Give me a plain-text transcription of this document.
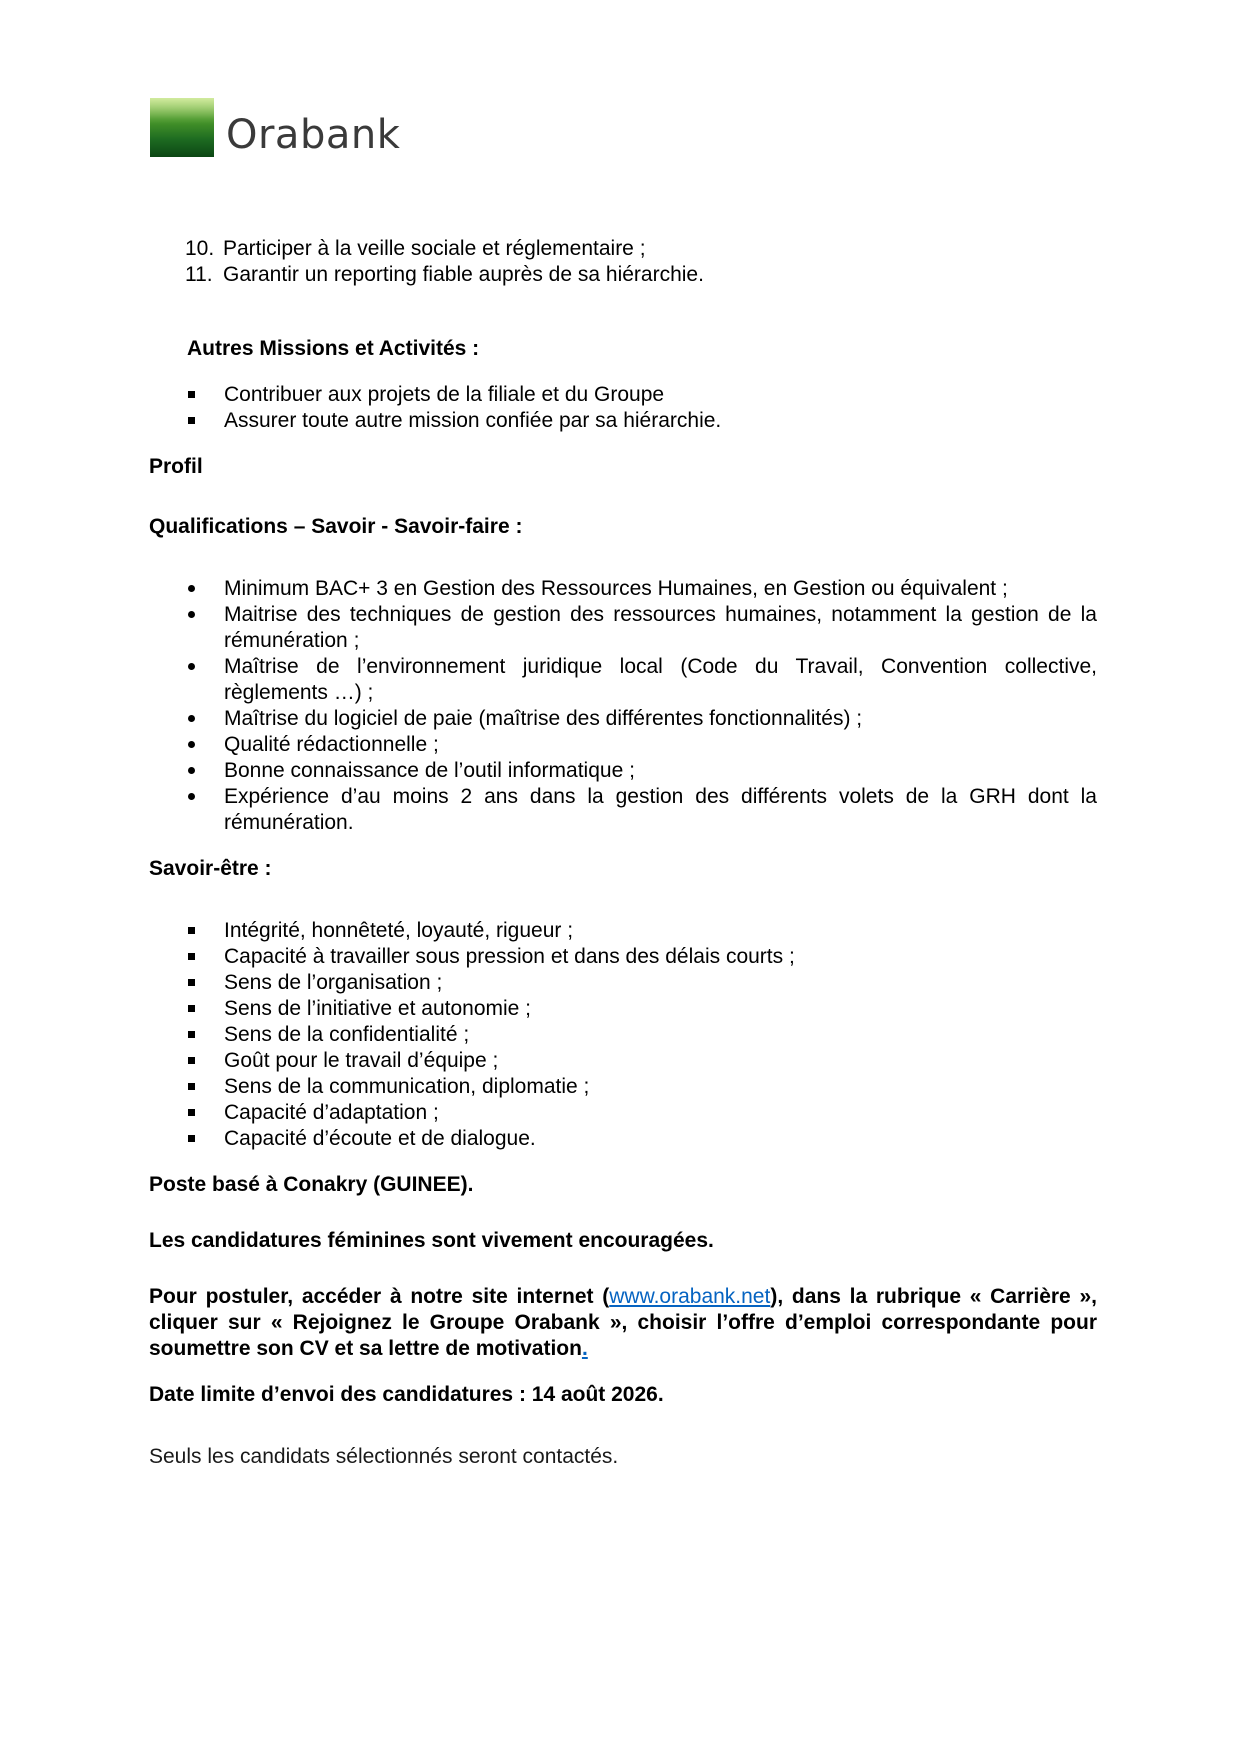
Orabank
10. Participer à la veille sociale et réglementaire ;
11. Garantir un reporting fiable auprès de sa hiérarchie.
Autres Missions et Activités :
Contribuer aux projets de la filiale et du Groupe
Assurer toute autre mission confiée par sa hiérarchie.
Profil
Qualifications – Savoir - Savoir-faire :
Minimum BAC+ 3 en Gestion des Ressources Humaines, en Gestion ou équivalent ;
Maitrise des techniques de gestion des ressources humaines, notamment la gestion de la rémunération ;
Maîtrise de l’environnement juridique local (Code du Travail, Convention collective, règlements …) ;
Maîtrise du logiciel de paie (maîtrise des différentes fonctionnalités) ;
Qualité rédactionnelle ;
Bonne connaissance de l’outil informatique ;
Expérience d’au moins 2 ans dans la gestion des différents volets de la GRH dont la rémunération.
Savoir-être :
Intégrité, honnêteté, loyauté, rigueur ;
Capacité à travailler sous pression et dans des délais courts ;
Sens de l’organisation ;
Sens de l’initiative et autonomie ;
Sens de la confidentialité ;
Goût pour le travail d’équipe ;
Sens de la communication, diplomatie ;
Capacité d’adaptation ;
Capacité d’écoute et de dialogue.
Poste basé à Conakry (GUINEE).
Les candidatures féminines sont vivement encouragées.
Pour postuler, accéder à notre site internet (www.orabank.net), dans la rubrique « Carrière », cliquer sur « Rejoignez le Groupe Orabank », choisir l’offre d’emploi correspondante pour soumettre son CV et sa lettre de motivation.
Date limite d’envoi des candidatures : 14 août 2026.
Seuls les candidats sélectionnés seront contactés.
